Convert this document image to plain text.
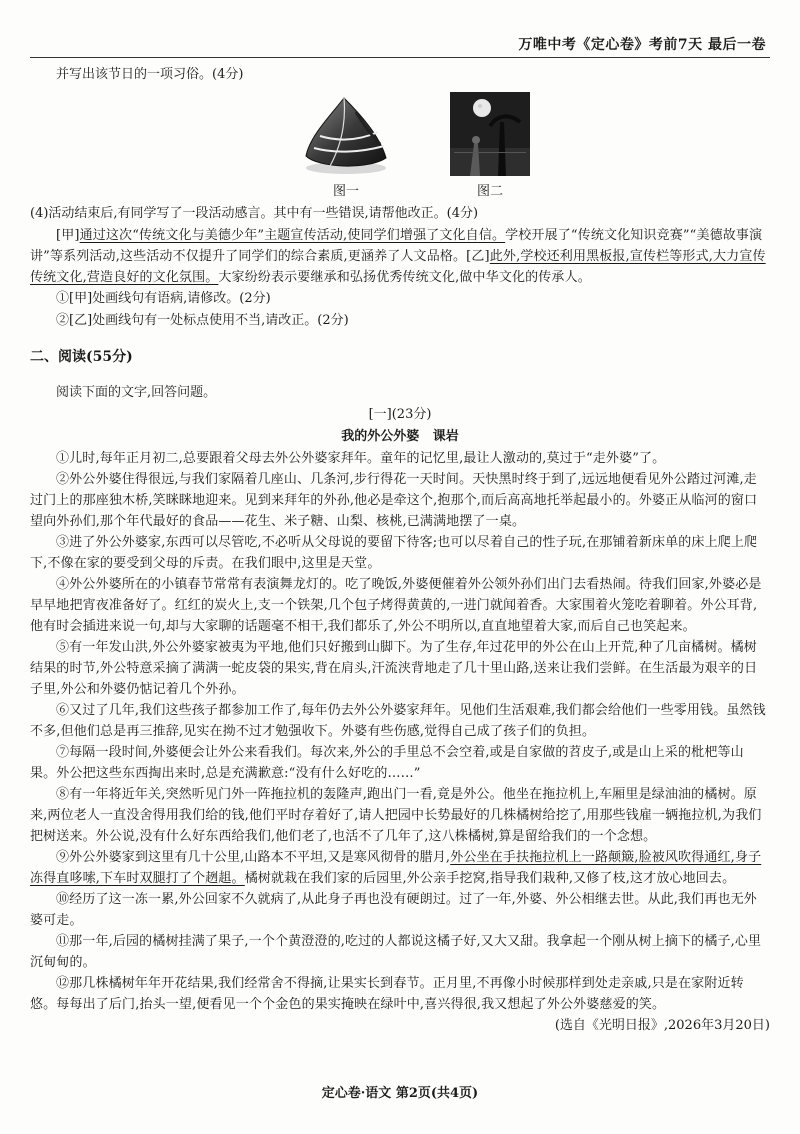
万唯中考《定心卷》考前7天 最后一卷

并写出该节日的一项习俗。(4分)

图一	图二

(4)活动结束后,有同学写了一段活动感言。其中有一些错误,请帮他改正。(4分)

[甲]通过这次“传统文化与美德少年”主题宣传活动,使同学们增强了文化自信。学校开展了“传统文化知识竞赛”“美德故事演讲”等系列活动,这些活动不仅提升了同学们的综合素质,更涵养了人文品格。[乙]此外,学校还利用黑板报,宣传栏等形式,大力宣传传统文化,营造良好的文化氛围。大家纷纷表示要继承和弘扬优秀传统文化,做中华文化的传承人。

①[甲]处画线句有语病,请修改。(2分)

②[乙]处画线句有一处标点使用不当,请改正。(2分)

二、阅读(55分)

阅读下面的文字,回答问题。

[一](23分)

我的外公外婆 课岩

①儿时,每年正月初二,总要跟着父母去外公外婆家拜年。童年的记忆里,最让人激动的,莫过于“走外婆”了。

②外公外婆住得很远,与我们家隔着几座山、几条河,步行得花一天时间。天快黑时终于到了,远远地便看见外公踏过河滩,走过门上的那座独木桥,笑眯眯地迎来。见到来拜年的外孙,他必是牵这个,抱那个,而后高高地托举起最小的。外婆正从临河的窗口望向外孙们,那个年代最好的食品——花生、米子糖、山梨、核桃,已满满地摆了一桌。

③进了外公外婆家,东西可以尽管吃,不必听从父母说的要留下待客;也可以尽着自己的性子玩,在那铺着新床单的床上爬上爬下,不像在家的要受到父母的斥责。在我们眼中,这里是天堂。

④外公外婆所在的小镇春节常常有表演舞龙灯的。吃了晚饭,外婆便催着外公领外孙们出门去看热闹。待我们回家,外婆必是早早地把宵夜准备好了。红红的炭火上,支一个铁架,几个包子烤得黄黄的,一进门就闻着香。大家围着火笼吃着聊着。外公耳背,他有时会插进来说一句,却与大家聊的话题毫不相干,我们都乐了,外公不明所以,直直地望着大家,而后自己也笑起来。

⑤有一年发山洪,外公外婆家被夷为平地,他们只好搬到山脚下。为了生存,年过花甲的外公在山上开荒,种了几亩橘树。橘树结果的时节,外公特意采摘了满满一蛇皮袋的果实,背在肩头,汗流浃背地走了几十里山路,送来让我们尝鲜。在生活最为艰辛的日子里,外公和外婆仍惦记着几个外孙。

⑥又过了几年,我们这些孩子都参加工作了,每年仍去外公外婆家拜年。见他们生活艰难,我们都会给他们一些零用钱。虽然钱不多,但他们总是再三推辞,见实在拗不过才勉强收下。外婆有些伤感,觉得自己成了孩子们的负担。

⑦每隔一段时间,外婆便会让外公来看我们。每次来,外公的手里总不会空着,或是自家做的苕皮子,或是山上采的枇杷等山果。外公把这些东西掏出来时,总是充满歉意:“没有什么好吃的……”

⑧有一年将近年关,突然听见门外一阵拖拉机的轰隆声,跑出门一看,竟是外公。他坐在拖拉机上,车厢里是绿油油的橘树。原来,两位老人一直没舍得用我们给的钱,他们平时存着好了,请人把园中长势最好的几株橘树给挖了,用那些钱雇一辆拖拉机,为我们把树送来。外公说,没有什么好东西给我们,他们老了,也活不了几年了,这八株橘树,算是留给我们的一个念想。

⑨外公外婆家到这里有几十公里,山路本不平坦,又是寒风彻骨的腊月,外公坐在手扶拖拉机上一路颠簸,脸被风吹得通红,身子冻得直哆嗦,下车时双腿打了个趔趄。橘树就栽在我们家的后园里,外公亲手挖窝,指导我们栽种,又修了枝,这才放心地回去。

⑩经历了这一冻一累,外公回家不久就病了,从此身子再也没有硬朗过。过了一年,外婆、外公相继去世。从此,我们再也无外婆可走。

⑪那一年,后园的橘树挂满了果子,一个个黄澄澄的,吃过的人都说这橘子好,又大又甜。我拿起一个刚从树上摘下的橘子,心里沉甸甸的。

⑫那几株橘树年年开花结果,我们经常舍不得摘,让果实长到春节。正月里,不再像小时候那样到处走亲戚,只是在家附近转悠。每每出了后门,抬头一望,便看见一个个金色的果实掩映在绿叶中,喜兴得很,我又想起了外公外婆慈爱的笑。

(选自《光明日报》,2026年3月20日)

定心卷·语文 第2页(共4页)
